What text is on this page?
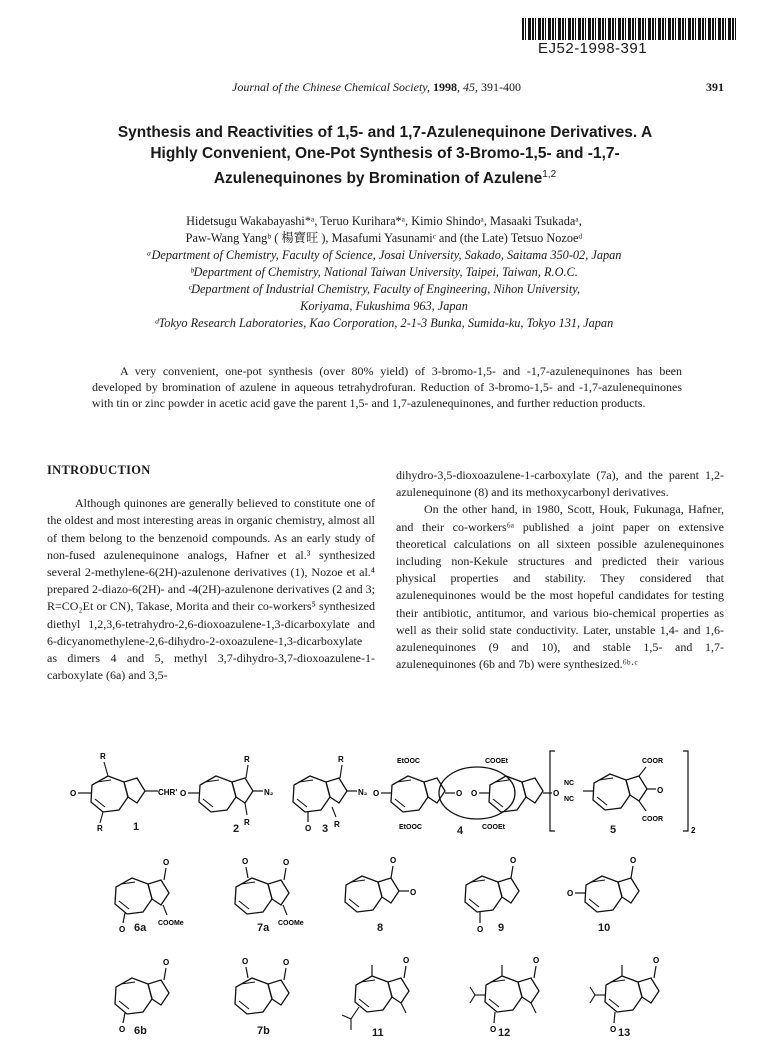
EJ52-1998-391
Journal of the Chinese Chemical Society, 1998, 45, 391-400	391
Synthesis and Reactivities of 1,5- and 1,7-Azulenequinone Derivatives. A Highly Convenient, One-Pot Synthesis of 3-Bromo-1,5- and -1,7-Azulenequinones by Bromination of Azulene$^{1,2}$
Hidetsugu Wakabayashi*ᵃ, Teruo Kurihara*ᵃ, Kimio Shindoᵃ, Masaaki Tsukadaᵃ,
Paw-Wang Yangᵇ ( 楊寶旺 ), Masafumi Yasunamiᶜ and (the Late) Tetsuo Nozoeᵈ
ᵃDepartment of Chemistry, Faculty of Science, Josai University, Sakado, Saitama 350-02, Japan
ᵇDepartment of Chemistry, National Taiwan University, Taipei, Taiwan, R.O.C.
ᶜDepartment of Industrial Chemistry, Faculty of Engineering, Nihon University,
Koriyama, Fukushima 963, Japan
ᵈTokyo Research Laboratories, Kao Corporation, 2-1-3 Bunka, Sumida-ku, Tokyo 131, Japan
A very convenient, one-pot synthesis (over 80% yield) of 3-bromo-1,5- and -1,7-azulenequinones has been developed by bromination of azulene in aqueous tetrahydrofuran. Reduction of 3-bromo-1,5- and -1,7-azulenequinones with tin or zinc powder in acetic acid gave the parent 1,5- and 1,7-azulenequinones, and further reduction products.
INTRODUCTION
Although quinones are generally believed to constitute one of the oldest and most interesting areas in organic chemistry, almost all of them belong to the benzenoid compounds. As an early study of non-fused azulenequinone analogs, Hafner et al.³ synthesized several 2-methylene-6(2H)-azulenone derivatives (1), Nozoe et al.⁴ prepared 2-diazo-6(2H)- and -4(2H)-azulenone derivatives (2 and 3; R=CO₂Et or CN), Takase, Morita and their co-workers⁵ synthesized diethyl 1,2,3,6-tetrahydro-2,6-dioxoazulene-1,3-dicarboxylate and 6-dicyanomethylene-2,6-dihydro-2-oxoazulene-1,3-dicarboxylate as dimers 4 and 5, methyl 3,7-dihydro-3,7-dioxoazulene-1-carboxylate (6a) and 3,5-
dihydro-3,5-dioxoazulene-1-carboxylate (7a), and the parent 1,2-azulenequinone (8) and its methoxycarbonyl derivatives.
On the other hand, in 1980, Scott, Houk, Fukunaga, Hafner, and their co-workers⁶ᵃ published a joint paper on extensive theoretical calculations on all sixteen possible azulenequinones including non-Kekule structures and predicted their various physical properties and stability. They considered that azulenequinones would be the most hopeful candidates for testing their antibiotic, antitumor, and various bio-chemical properties as well as their solid state conductivity. Later, unstable 1,4- and 1,6-azulenequinones (9 and 10), and stable 1,5- and 1,7-azulenequinones (6b and 7b) were synthesized.⁶ᵇ·ᶜ
R
O	CHR'
R
O
R
N₂
R
R
N₂
O	R
EtOOC	COOEt
O	O O	O
EtOOC	COOEt
NC
NC
COOR
O
COOR
2
O
O
COOMe
O	O
COOMe
O
O
O
O
O
O
O
O
O	O	O	O
O
O
O
1	2	3	4	5
6a	7a	8	9	10
6b	7b	11	12	13
